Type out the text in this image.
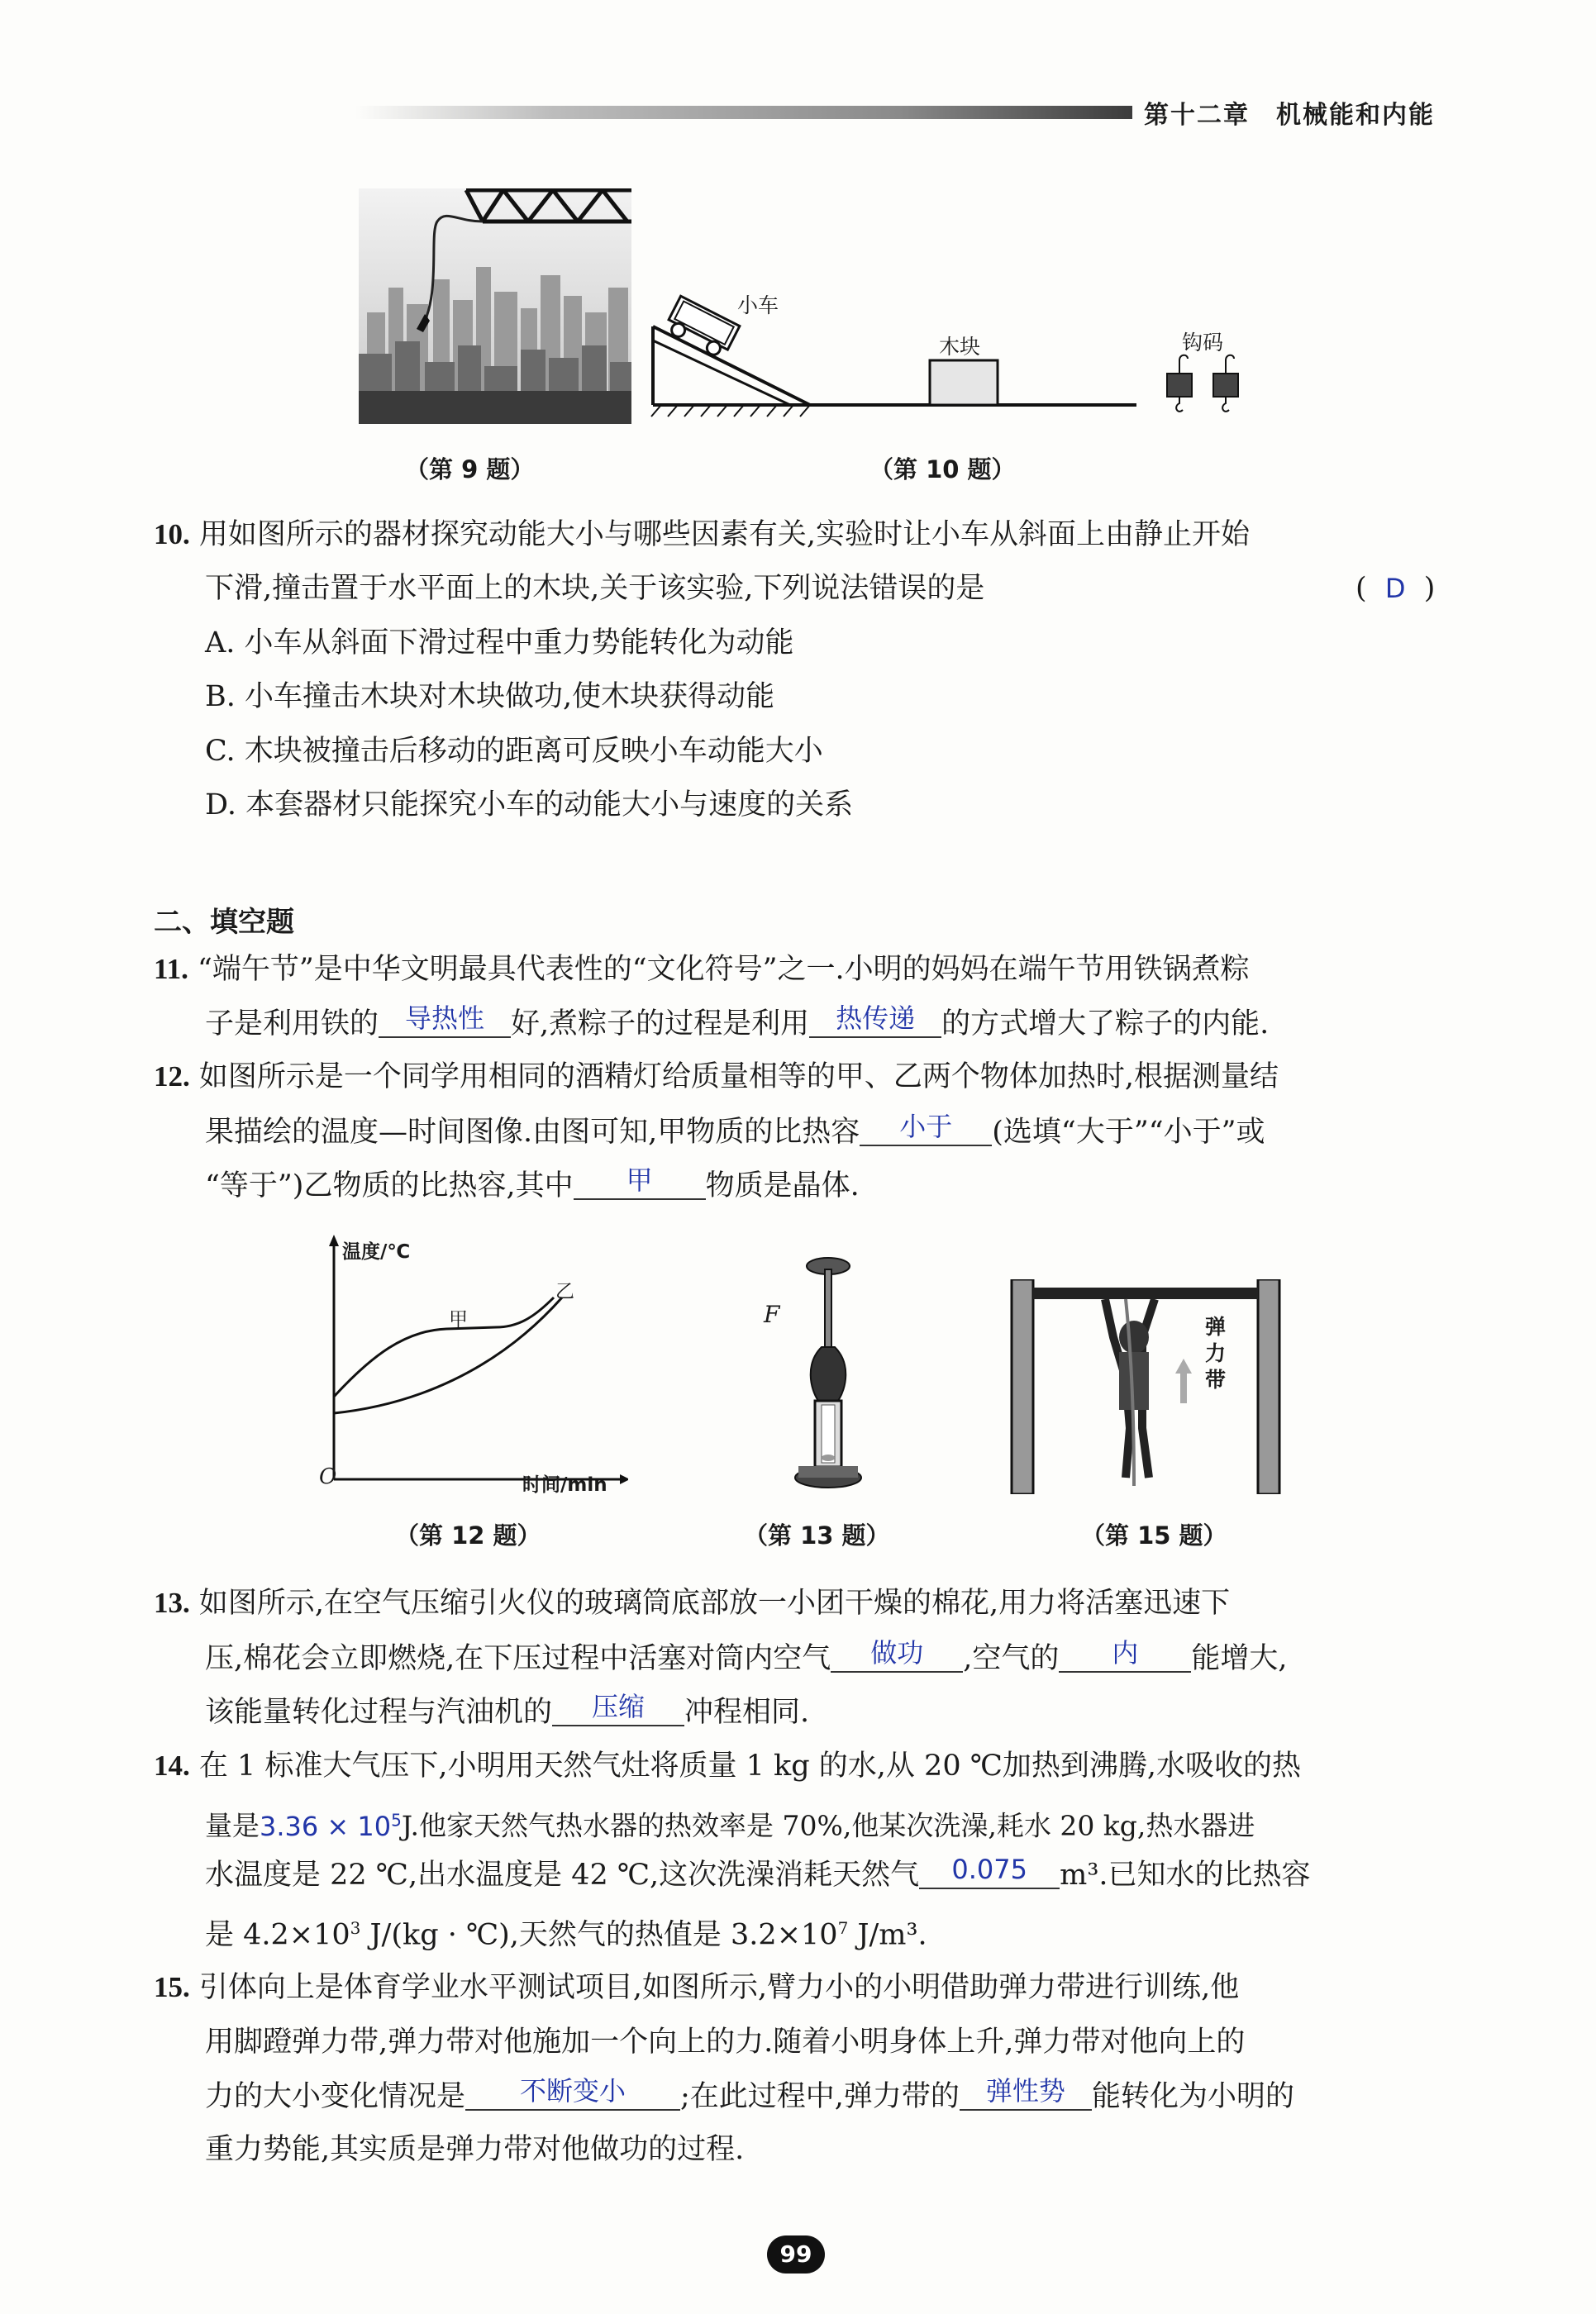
第十二章　机械能和内能
（第 9 题）
小车
木块	钩码
（第 10 题）
10. 用如图所示的器材探究动能大小与哪些因素有关,实验时让小车从斜面上由静止开始
下滑,撞击置于水平面上的木块,关于该实验,下列说法错误的是	(  D  )
A. 小车从斜面下滑过程中重力势能转化为动能
B. 小车撞击木块对木块做功,使木块获得动能
C. 木块被撞击后移动的距离可反映小车动能大小
D. 本套器材只能探究小车的动能大小与速度的关系
二、填空题
11. “端午节”是中华文明最具代表性的“文化符号”之一.小明的妈妈在端午节用铁锅煮粽
子是利用铁的 导热性 好,煮粽子的过程是利用 热传递 的方式增大了粽子的内能.
12. 如图所示是一个同学用相同的酒精灯给质量相等的甲、乙两个物体加热时,根据测量结
果描绘的温度—时间图像.由图可知,甲物质的比热容	小于	(选填“大于”“小于”或
“等于”)乙物质的比热容,其中	甲	物质是晶体.
温度/℃
时间/min
O
甲
乙
（第 12 题）
F
（第 13 题）
弹力带
（第 15 题）
13. 如图所示,在空气压缩引火仪的玻璃筒底部放一小团干燥的棉花,用力将活塞迅速下
压,棉花会立即燃烧,在下压过程中活塞对筒内空气	做功	,空气的	内	能增大,
该能量转化过程与汽油机的	压缩	冲程相同.
14. 在 1 标准大气压下,小明用天然气灶将质量 1 kg 的水,从 20 ℃加热到沸腾,水吸收的热
量是$3.36 \times 10^5J$.他家天然气热水器的热效率是 70%,他某次洗澡,耗水 20 kg,热水器进
水温度是 22 ℃,出水温度是 42 ℃,这次洗澡消耗天然气	0.075	m³.已知水的比热容
是 $4.2\times 10^3$ J/(kg · ℃),天然气的热值是 $3.2\times 10^7$ J/m³.
15. 引体向上是体育学业水平测试项目,如图所示,臂力小的小明借助弹力带进行训练,他
用脚蹬弹力带,弹力带对他施加一个向上的力.随着小明身体上升,弹力带对他向上的
力的大小变化情况是	不断变小	;在此过程中,弹力带的 弹性势 能转化为小明的
重力势能,其实质是弹力带对他做功的过程.
99
